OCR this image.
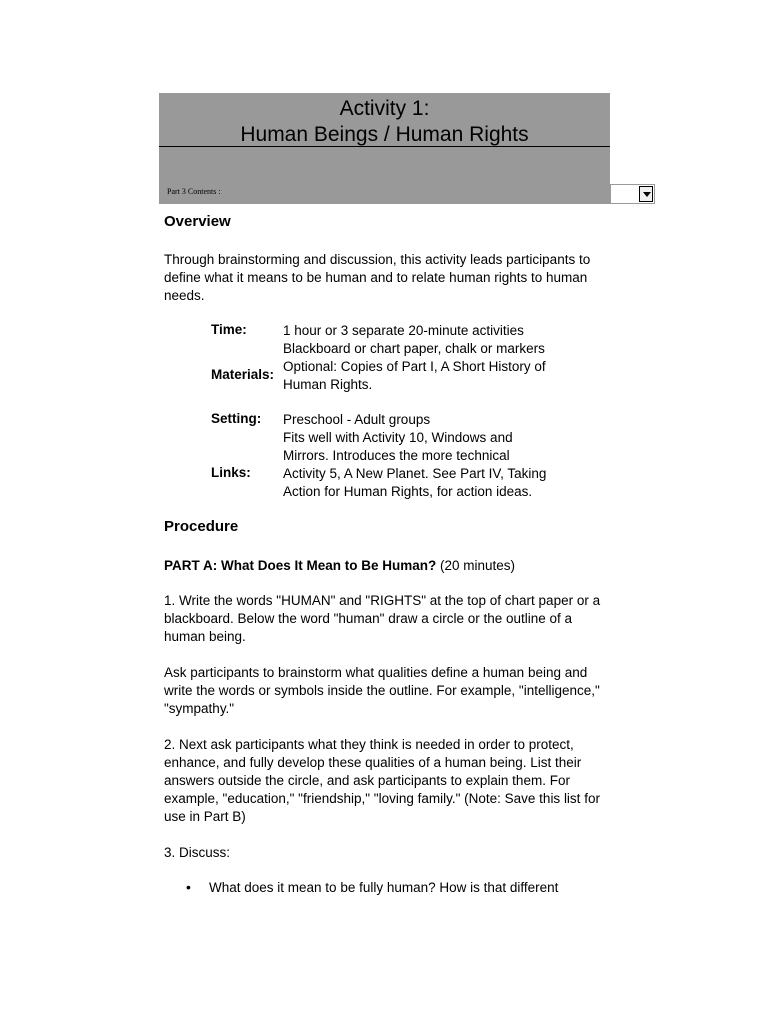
Activity 1:
Human Beings / Human Rights
Part 3 Contents :
Overview

Through brainstorming and discussion, this activity leads participants to define what it means to be human and to relate human rights to human needs.

Time:	1 hour or 3 separate 20-minute activities

Materials:

Blackboard or chart paper, chalk or markers Optional: Copies of Part I, A Short History of Human Rights.

Setting: Preschool - Adult groups

Links:

Fits well with Activity 10, Windows and Mirrors. Introduces the more technical Activity 5, A New Planet. See Part IV, Taking Action for Human Rights, for action ideas.

Procedure

PART A: What Does It Mean to Be Human? (20 minutes)

1. Write the words "HUMAN" and "RIGHTS" at the top of chart paper or a blackboard. Below the word "human" draw a circle or the outline of a human being.

Ask participants to brainstorm what qualities define a human being and write the words or symbols inside the outline. For example, "intelligence," "sympathy."

2. Next ask participants what they think is needed in order to protect, enhance, and fully develop these qualities of a human being. List their answers outside the circle, and ask participants to explain them. For example, "education," "friendship," "loving family." (Note: Save this list for use in Part B)

3. Discuss:

• What does it mean to be fully human? How is that different
